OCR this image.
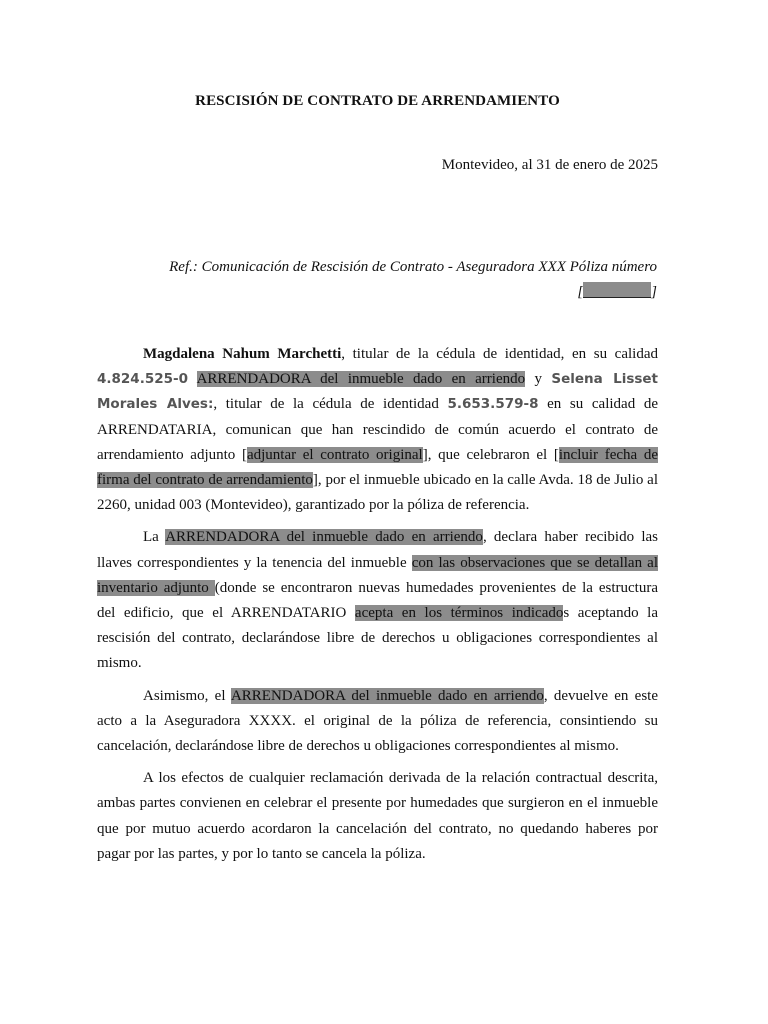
RESCISIÓN DE CONTRATO DE ARRENDAMIENTO
Montevideo, al 31 de enero de 2025
Ref.: Comunicación de Rescisión de Contrato - Aseguradora XXX Póliza número
[	]

Magdalena Nahum Marchetti, titular de la cédula de identidad, en su calidad 4.824.525-0 ARRENDADORA del inmueble dado en arriendo y Selena Lisset Morales Alves:, titular de la cédula de identidad 5.653.579-8 en su calidad de ARRENDATARIA, comunican que han rescindido de común acuerdo el contrato de arrendamiento adjunto [adjuntar el contrato original], que celebraron el [incluir fecha de firma del contrato de arrendamiento], por el inmueble ubicado en la calle Avda. 18 de Julio al 2260, unidad 003 (Montevideo), garantizado por la póliza de referencia.

La ARRENDADORA del inmueble dado en arriendo, declara haber recibido las llaves correspondientes y la tenencia del inmueble con las observaciones que se detallan al inventario adjunto (donde se encontraron nuevas humedades provenientes de la estructura del edificio, que el ARRENDATARIO acepta en los términos indicados aceptando la rescisión del contrato, declarándose libre de derechos u obligaciones correspondientes al mismo.

Asimismo, el ARRENDADORA del inmueble dado en arriendo, devuelve en este acto a la Aseguradora XXXX. el original de la póliza de referencia, consintiendo su cancelación, declarándose libre de derechos u obligaciones correspondientes al mismo.

A los efectos de cualquier reclamación derivada de la relación contractual descrita, ambas partes convienen en celebrar el presente por humedades que surgieron en el inmueble que por mutuo acuerdo acordaron la cancelación del contrato, no quedando haberes por pagar por las partes, y por lo tanto se cancela la póliza.
